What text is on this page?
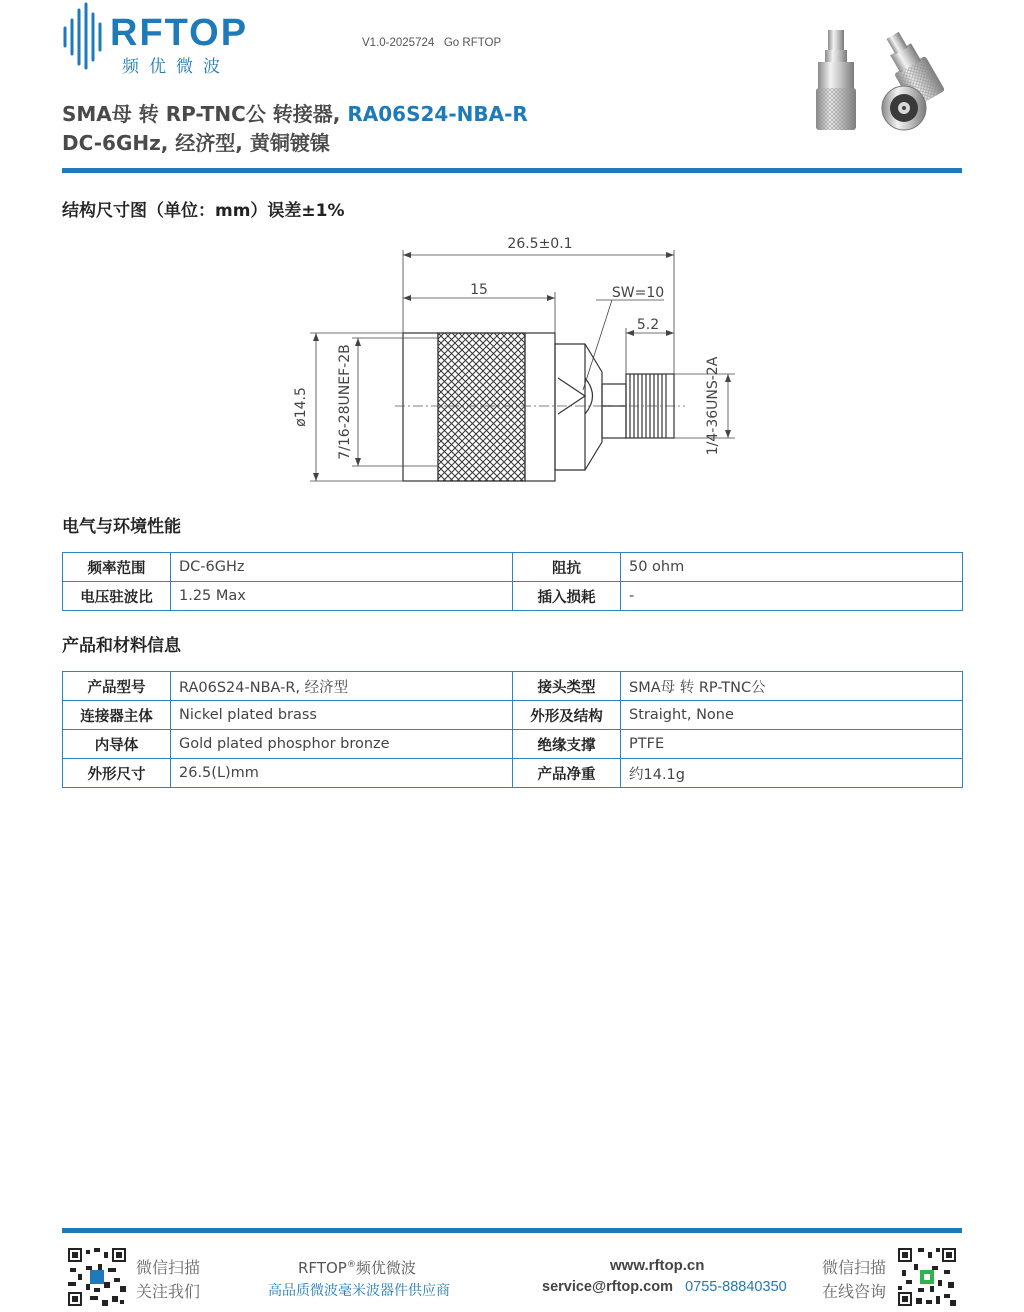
RFTOP
频优微波
V1.0-2025724 Go RFTOP
SMA母 转 RP-TNC公 转接器, RA06S24-NBA-R
DC-6GHz, 经济型, 黄铜镀镍
结构尺寸图（单位：mm）误差±1%
26.5±0.1
15	SW=10
5.2
ø14.5 7/16-28UNEF-2B	1/4-36UNS-2A
电气与环境性能
频率范围	DC-6GHz	阻抗	50 ohm
电压驻波比	1.25 Max	插入损耗	-
产品和材料信息
产品型号	RA06S24-NBA-R, 经济型	接头类型	SMA母 转 RP-TNC公
连接器主体	Nickel plated brass	外形及结构	Straight, None
内导体	Gold plated phosphor bronze	绝缘支撑	PTFE
外形尺寸	26.5(L)mm	产品净重	约14.1g
微信扫描
关注我们
RFTOP®频优微波
高品质微波毫米波器件供应商
www.rftop.cn
service@rftop.com 0755-88840350
微信扫描
在线咨询
